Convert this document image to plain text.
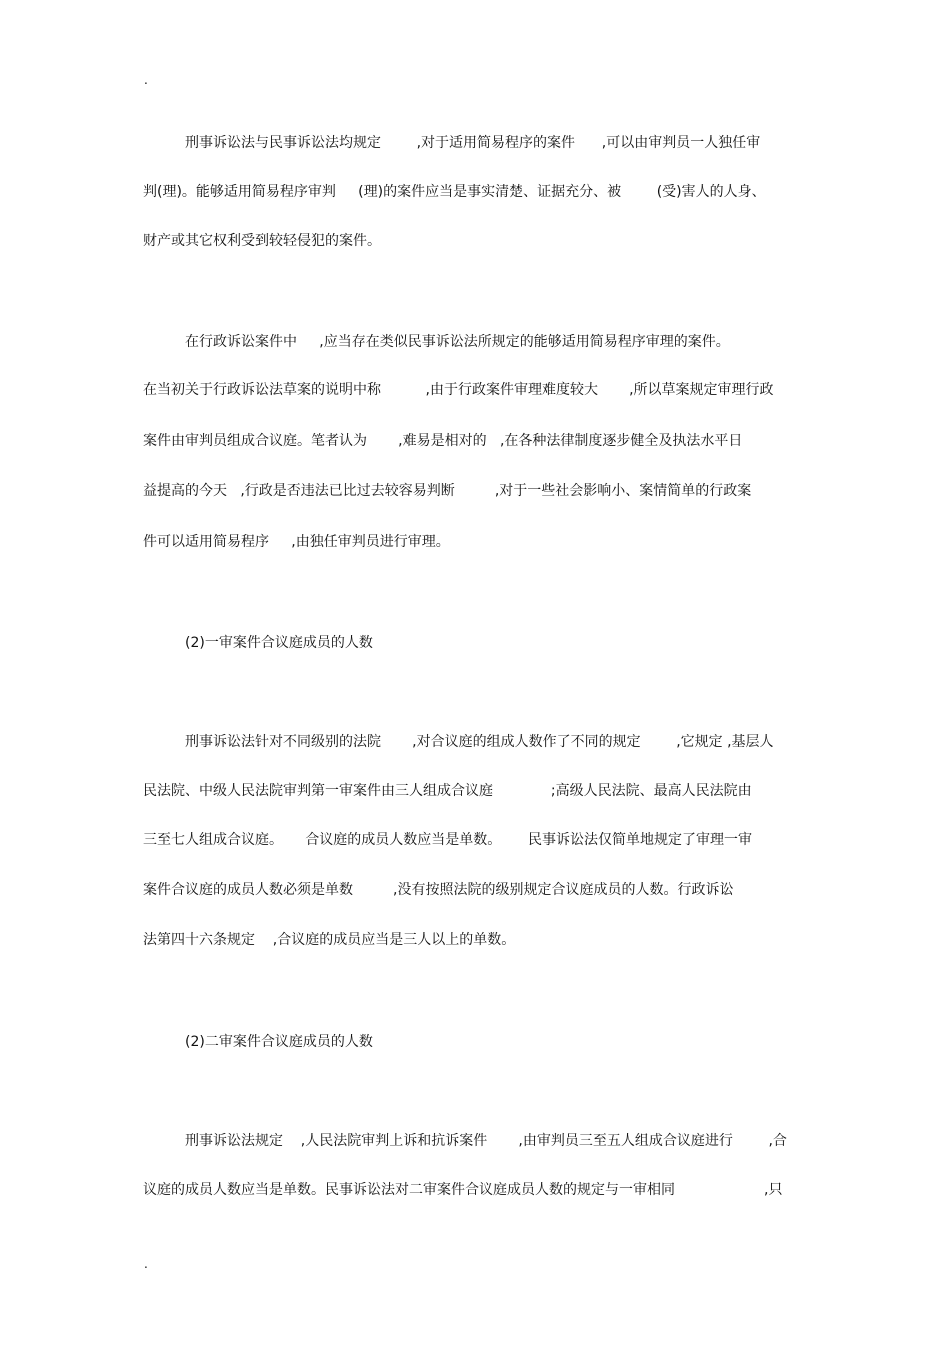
.
刑事诉讼法与民事诉讼法均规定        ,对于适用简易程序的案件      ,可以由审判员一人独任审
判(理)。能够适用简易程序审判     (理)的案件应当是事实清楚、证据充分、被        (受)害人的人身、
财产或其它权利受到较轻侵犯的案件。
在行政诉讼案件中     ,应当存在类似民事诉讼法所规定的能够适用简易程序审理的案件。
在当初关于行政诉讼法草案的说明中称          ,由于行政案件审理难度较大       ,所以草案规定审理行政
案件由审判员组成合议庭。笔者认为       ,难易是相对的   ,在各种法律制度逐步健全及执法水平日
益提高的今天   ,行政是否违法已比过去较容易判断         ,对于一些社会影响小、案情简单的行政案
件可以适用简易程序     ,由独任审判员进行审理。
(2)一审案件合议庭成员的人数
刑事诉讼法针对不同级别的法院       ,对合议庭的组成人数作了不同的规定        ,它规定 ,基层人
民法院、中级人民法院审判第一审案件由三人组成合议庭             ;高级人民法院、最高人民法院由
三至七人组成合议庭。     合议庭的成员人数应当是单数。      民事诉讼法仅简单地规定了审理一审
案件合议庭的成员人数必须是单数         ,没有按照法院的级别规定合议庭成员的人数。行政诉讼
法第四十六条规定    ,合议庭的成员应当是三人以上的单数。
(2)二审案件合议庭成员的人数
刑事诉讼法规定    ,人民法院审判上诉和抗诉案件       ,由审判员三至五人组成合议庭进行        ,合
议庭的成员人数应当是单数。民事诉讼法对二审案件合议庭成员人数的规定与一审相同                    ,只
.
